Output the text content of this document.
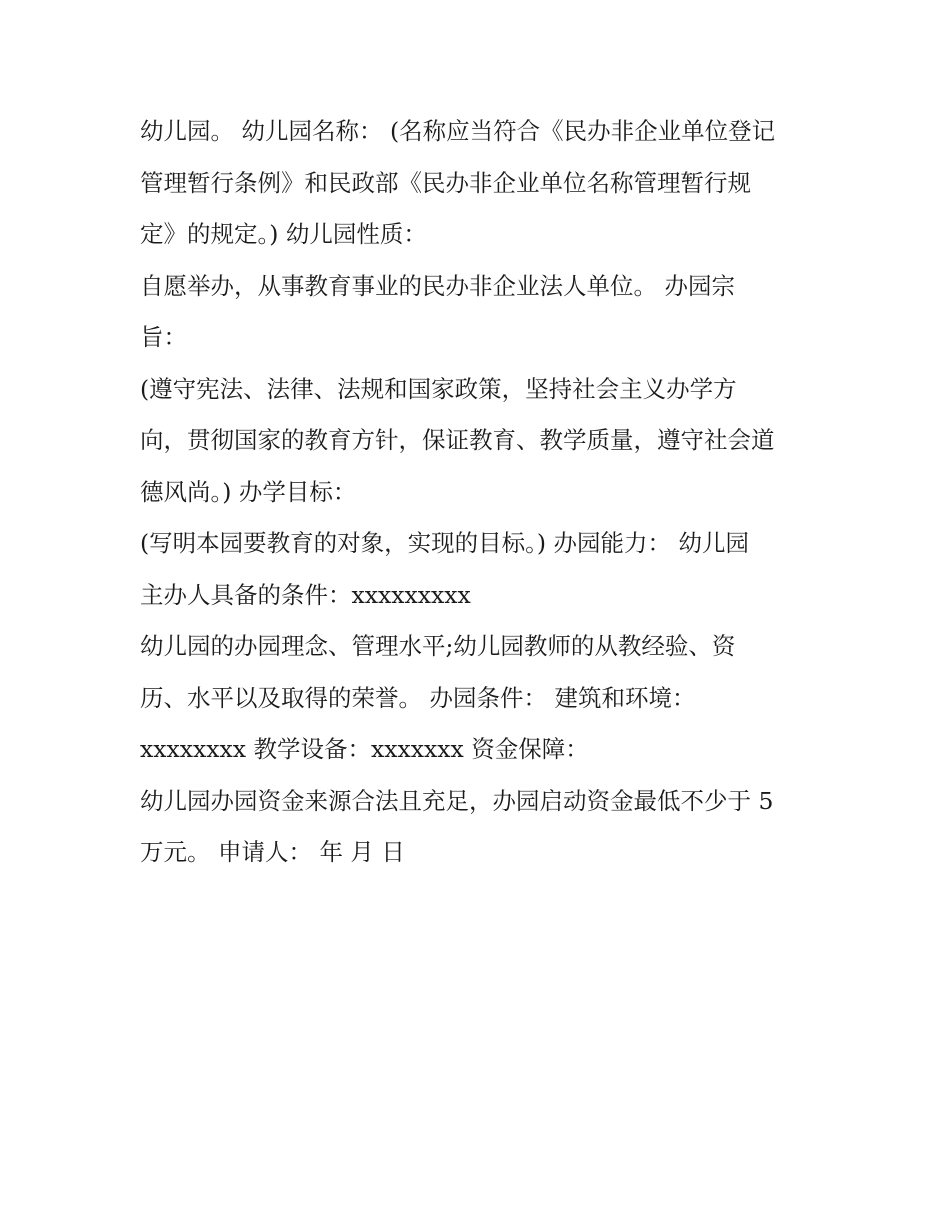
幼儿园。 幼儿园名称： (名称应当符合《民办非企业单位登记
管理暂行条例》和民政部《民办非企业单位名称管理暂行规
定》的规定。) 幼儿园性质：
自愿举办，从事教育事业的民办非企业法人单位。 办园宗
旨：
(遵守宪法、法律、法规和国家政策，坚持社会主义办学方
向，贯彻国家的教育方针，保证教育、教学质量，遵守社会道
德风尚。) 办学目标：
(写明本园要教育的对象，实现的目标。) 办园能力： 幼儿园
主办人具备的条件：xxxxxxxxx
幼儿园的办园理念、管理水平;幼儿园教师的从教经验、资
历、水平以及取得的荣誉。 办园条件： 建筑和环境：
xxxxxxxx 教学设备：xxxxxxx 资金保障：
幼儿园办园资金来源合法且充足，办园启动资金最低不少于 5
万元。 申请人： 年 月 日
